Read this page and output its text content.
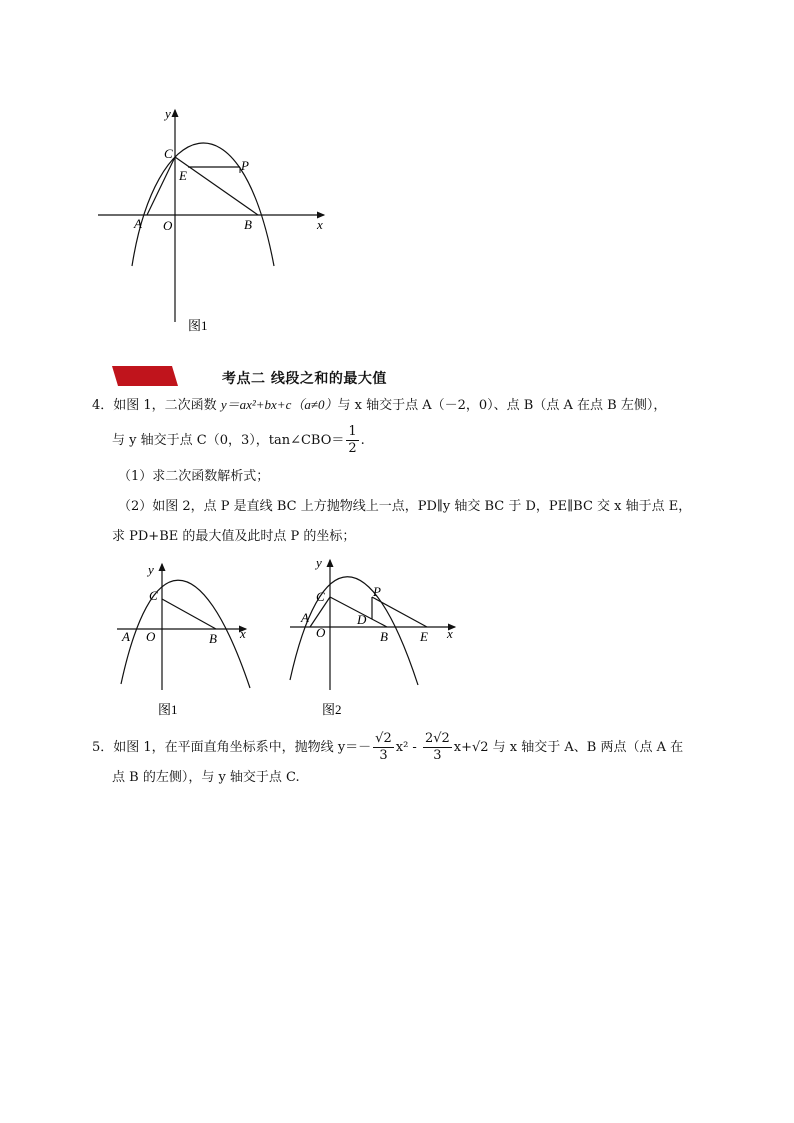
y
x
C
P
E
A O	B
图1
考点二 线段之和的最大值
4．如图 1，二次函数 y＝ax²+bx+c（a≠0）与 x 轴交于点 A（－2，0）、点 B（点 A 在点 B 左侧），
与 y 轴交于点 C（0，3），tan∠CBO＝ $\frac{1}{2}$ .
（1）求二次函数解析式；
（2）如图 2，点 P 是直线 BC 上方抛物线上一点，PD∥y 轴交 BC 于 D，PE∥BC 交 x 轴于点 E，
求 PD+BE 的最大值及此时点 P 的坐标；
y
x
C
A O	B
图1
y
x
C	P
A
O
D
B E
图2
5．如图 1，在平面直角坐标系中，抛物线 $y=- \frac{√2}{3} x^2 - \frac{2√2}{3} x+√2$ 与 x 轴交于 A、B 两点（点 A 在
点 B 的左侧），与 y 轴交于点 C.
